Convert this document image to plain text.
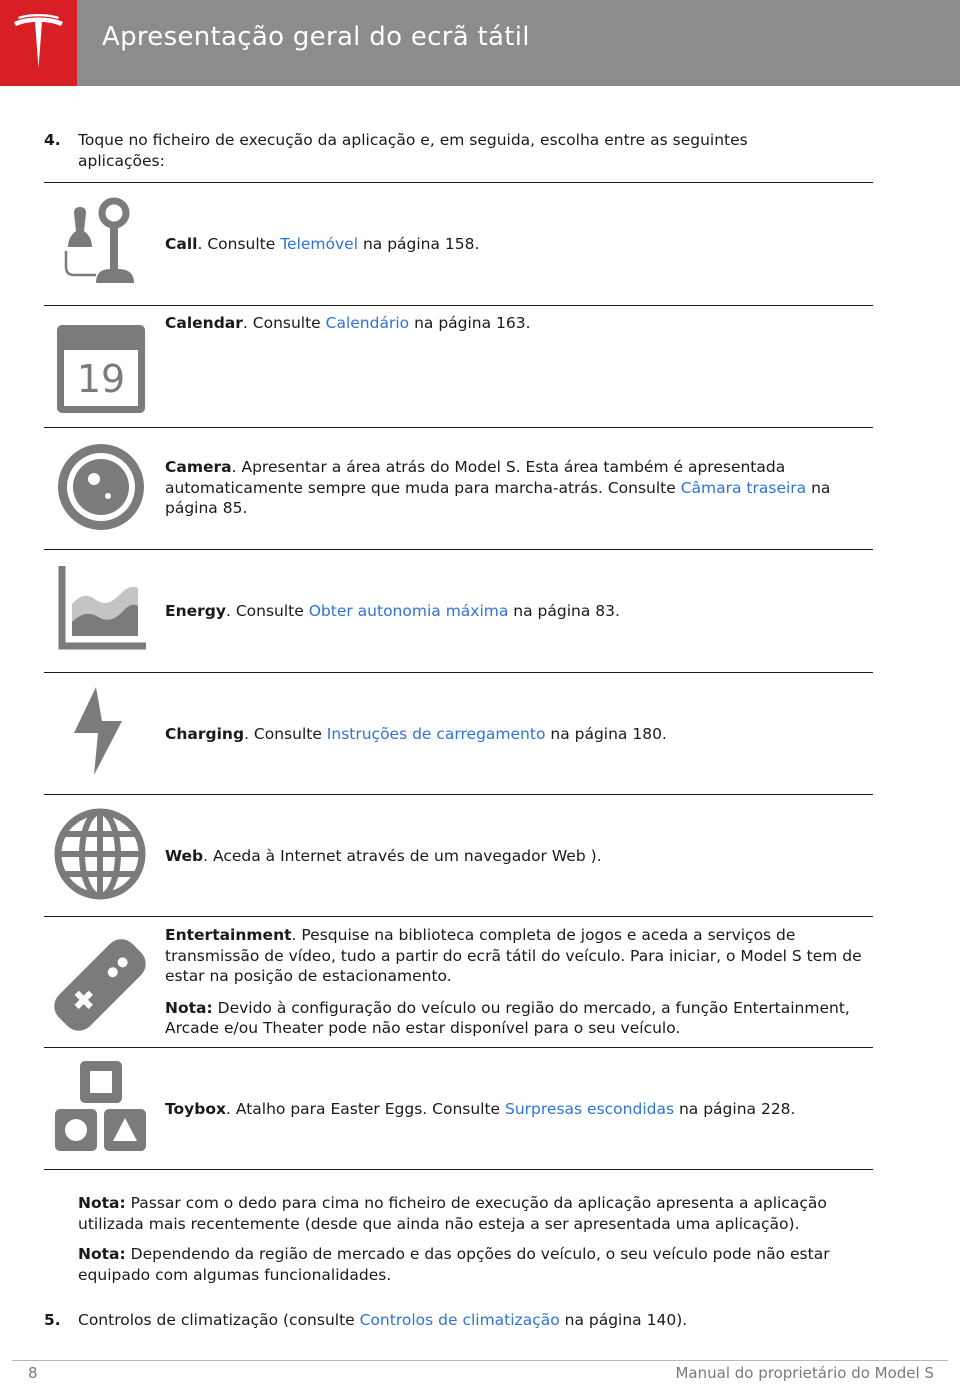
Apresentação geral do ecrã tátil
4. Toque no ficheiro de execução da aplicação e, em seguida, escolha entre as seguintes aplicações:

Call. Consulte Telemóvel na página 158.

19

Calendar. Consulte Calendário na página 163.

Camera. Apresentar a área atrás do Model S. Esta área também é apresentada automaticamente sempre que muda para marcha-atrás. Consulte Câmara traseira na página 85.

Energy. Consulte Obter autonomia máxima na página 83.

Charging. Consulte Instruções de carregamento na página 180.

Web. Aceda à Internet através de um navegador Web ).

Entertainment. Pesquise na biblioteca completa de jogos e aceda a serviços de transmissão de vídeo, tudo a partir do ecrã tátil do veículo. Para iniciar, o Model S tem de estar na posição de estacionamento.

Nota: Devido à configuração do veículo ou região do mercado, a função Entertainment, Arcade e/ou Theater pode não estar disponível para o seu veículo.

Toybox. Atalho para Easter Eggs. Consulte Surpresas escondidas na página 228.

Nota: Passar com o dedo para cima no ficheiro de execução da aplicação apresenta a aplicação utilizada mais recentemente (desde que ainda não esteja a ser apresentada uma aplicação).

Nota: Dependendo da região de mercado e das opções do veículo, o seu veículo pode não estar equipado com algumas funcionalidades.

5. Controlos de climatização (consulte Controlos de climatização na página 140).
8	Manual do proprietário do Model S
